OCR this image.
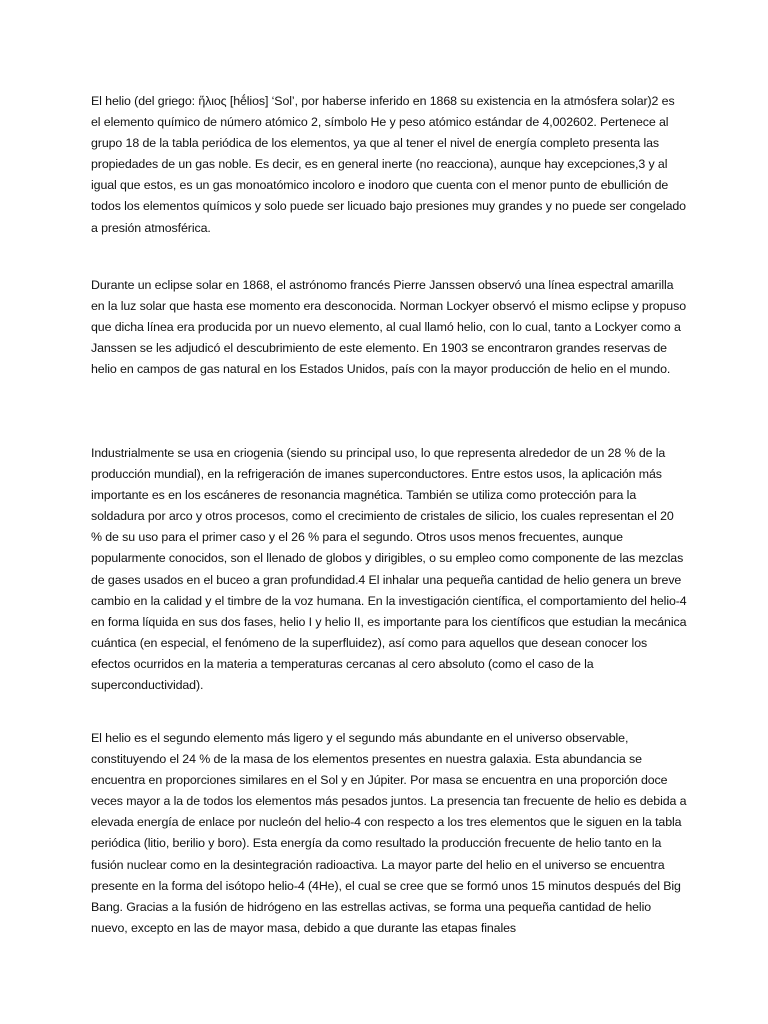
El helio (del griego: ἥλιος [hḗlios] ‘Sol’, por haberse inferido en 1868 su existencia en la atmósfera solar)2 es el elemento químico de número atómico 2, símbolo He y peso atómico estándar de 4,002602. Pertenece al grupo 18 de la tabla periódica de los elementos, ya que al tener el nivel de energía completo presenta las propiedades de un gas noble. Es decir, es en general inerte (no reacciona), aunque hay excepciones,3 y al igual que estos, es un gas monoatómico incoloro e inodoro que cuenta con el menor punto de ebullición de todos los elementos químicos y solo puede ser licuado bajo presiones muy grandes y no puede ser congelado a presión atmosférica.

Durante un eclipse solar en 1868, el astrónomo francés Pierre Janssen observó una línea espectral amarilla en la luz solar que hasta ese momento era desconocida. Norman Lockyer observó el mismo eclipse y propuso que dicha línea era producida por un nuevo elemento, al cual llamó helio, con lo cual, tanto a Lockyer como a Janssen se les adjudicó el descubrimiento de este elemento. En 1903 se encontraron grandes reservas de helio en campos de gas natural en los Estados Unidos, país con la mayor producción de helio en el mundo.

Industrialmente se usa en criogenia (siendo su principal uso, lo que representa alrededor de un 28 % de la producción mundial), en la refrigeración de imanes superconductores. Entre estos usos, la aplicación más importante es en los escáneres de resonancia magnética. También se utiliza como protección para la soldadura por arco y otros procesos, como el crecimiento de cristales de silicio, los cuales representan el 20 % de su uso para el primer caso y el 26 % para el segundo. Otros usos menos frecuentes, aunque popularmente conocidos, son el llenado de globos y dirigibles, o su empleo como componente de las mezclas de gases usados en el buceo a gran profundidad.4 El inhalar una pequeña cantidad de helio genera un breve cambio en la calidad y el timbre de la voz humana. En la investigación científica, el comportamiento del helio-4 en forma líquida en sus dos fases, helio I y helio II, es importante para los científicos que estudian la mecánica cuántica (en especial, el fenómeno de la superfluidez), así como para aquellos que desean conocer los efectos ocurridos en la materia a temperaturas cercanas al cero absoluto (como el caso de la superconductividad).

El helio es el segundo elemento más ligero y el segundo más abundante en el universo observable, constituyendo el 24 % de la masa de los elementos presentes en nuestra galaxia. Esta abundancia se encuentra en proporciones similares en el Sol y en Júpiter. Por masa se encuentra en una proporción doce veces mayor a la de todos los elementos más pesados juntos. La presencia tan frecuente de helio es debida a elevada energía de enlace por nucleón del helio-4 con respecto a los tres elementos que le siguen en la tabla periódica (litio, berilio y boro). Esta energía da como resultado la producción frecuente de helio tanto en la fusión nuclear como en la desintegración radioactiva. La mayor parte del helio en el universo se encuentra presente en la forma del isótopo helio-4 (4He), el cual se cree que se formó unos 15 minutos después del Big Bang. Gracias a la fusión de hidrógeno en las estrellas activas, se forma una pequeña cantidad de helio nuevo, excepto en las de mayor masa, debido a que durante las etapas finales
